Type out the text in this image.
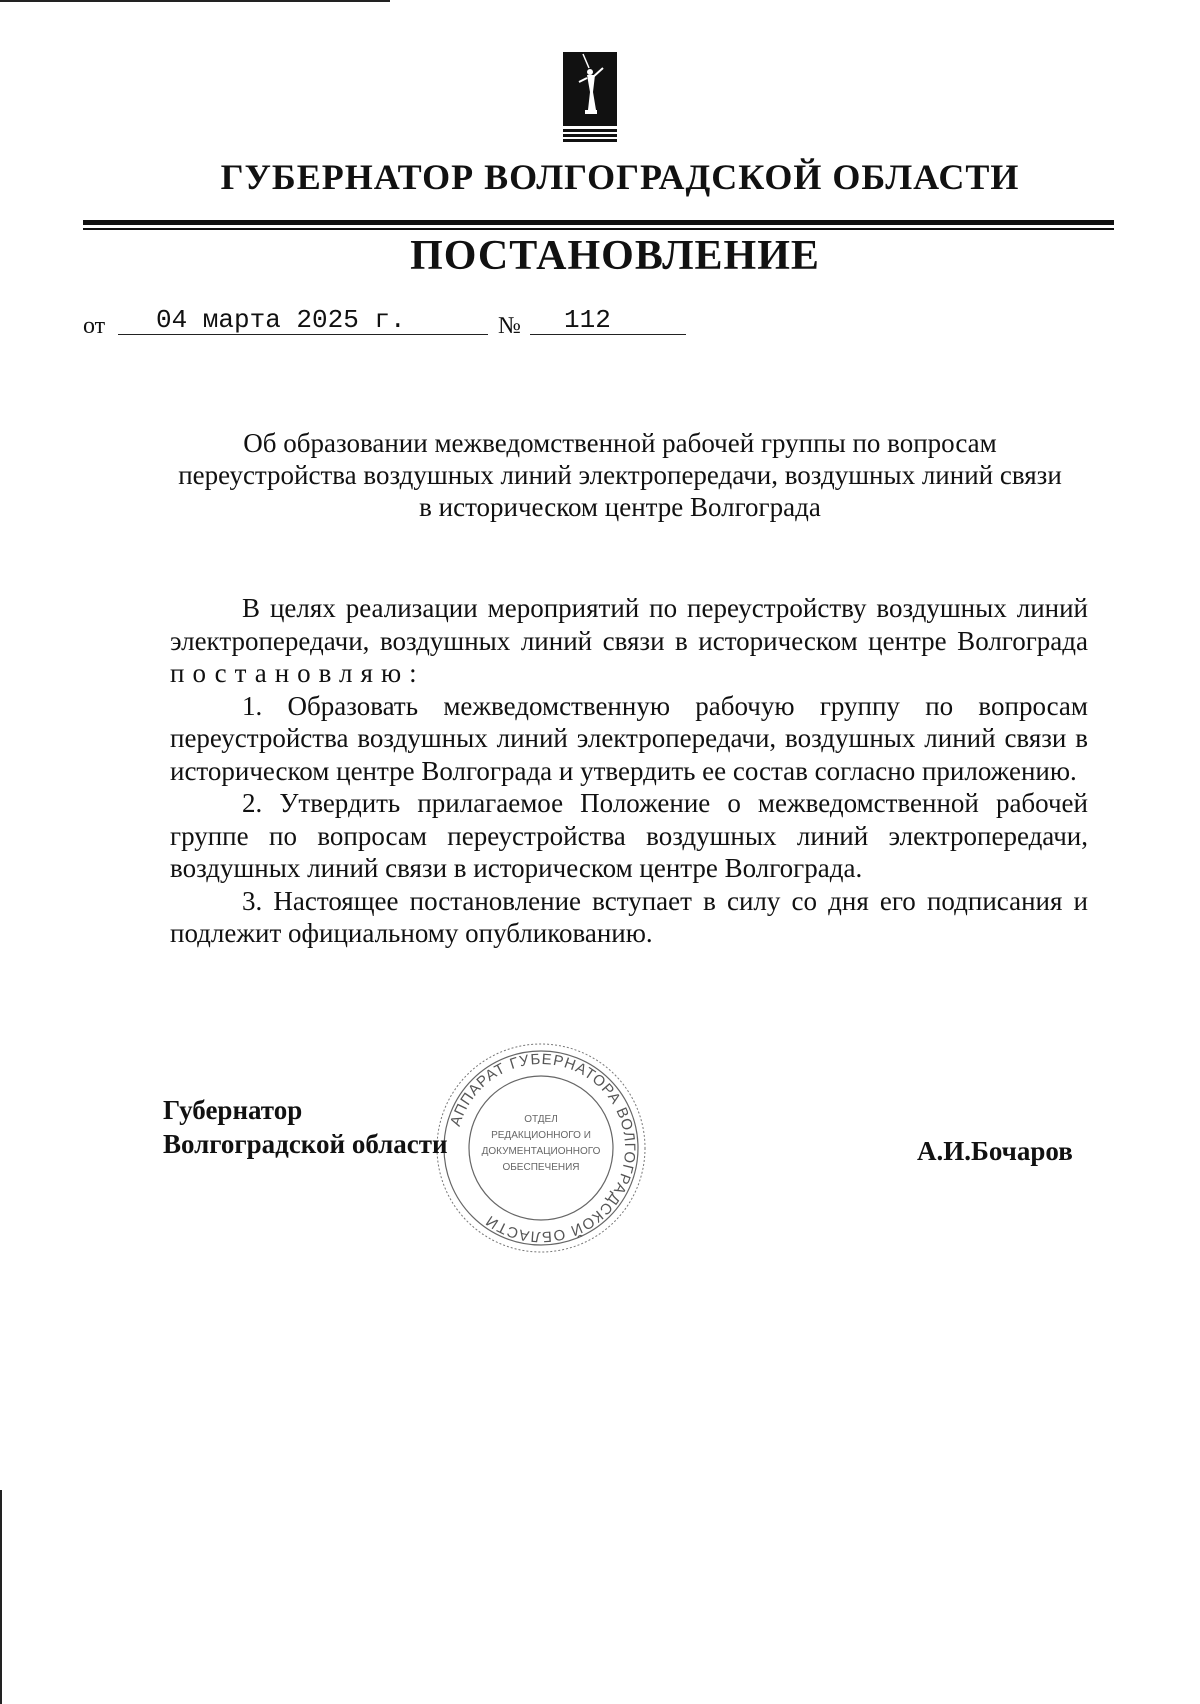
ГУБЕРНАТОР ВОЛГОГРАДСКОЙ ОБЛАСТИ
ПОСТАНОВЛЕНИЕ
от	04 марта 2025 г.	№	112
Об образовании межведомственной рабочей группы по вопросам переустройства воздушных линий электропередачи, воздушных линий связи в историческом центре Волгограда

В целях реализации мероприятий по переустройству воздушных линий электропередачи, воздушных линий связи в историческом центре Волгограда постановляю:

1. Образовать межведомственную рабочую группу по вопросам переустройства воздушных линий электропередачи, воздушных линий связи в историческом центре Волгограда и утвердить ее состав согласно приложению.

2. Утвердить прилагаемое Положение о межведомственной рабочей группе по вопросам переустройства воздушных линий электропередачи, воздушных линий связи в историческом центре Волгограда.

3. Настоящее постановление вступает в силу со дня его подписания и подлежит официальному опубликованию.

АППАРАТ ГУБЕРНАТОРА ВОЛГОГРАДСКОЙ ОБЛАСТИ
ОТДЕЛ
РЕДАКЦИОННОГО И
ДОКУМЕНТАЦИОННОГО
ОБЕСПЕЧЕНИЯ
Губернатор
Волгоградской области	А.И.Бочаров
